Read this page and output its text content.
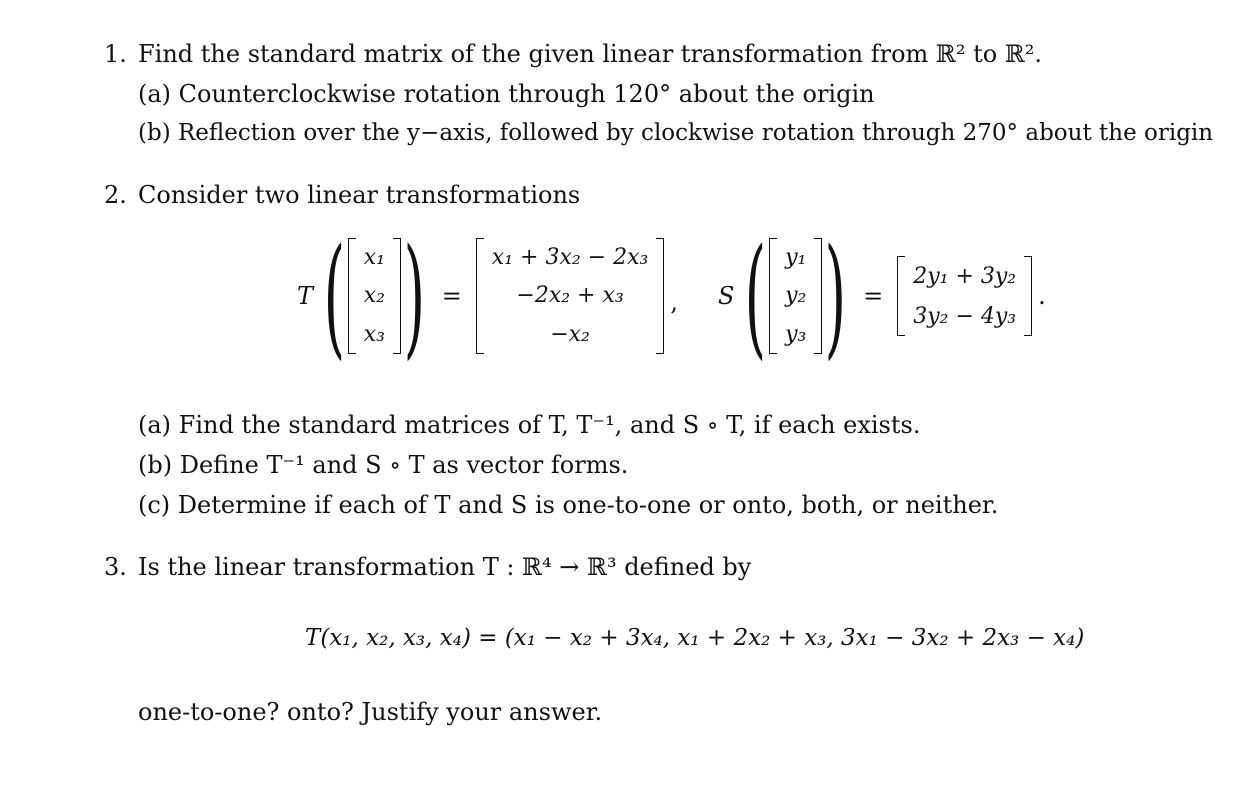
1. Find the standard matrix of the given linear transformation from ℝ² to ℝ².
(a) Counterclockwise rotation through 120° about the origin
(b) Reflection over the y−axis, followed by clockwise rotation through 270° about the origin
2. Consider two linear transformations
T ( x₁
x₂
x₃ ) =
x₁ + 3x₂ − 2x₃
−2x₂ + x₃
−x₂
, S ( y₁
y₂
y₃ ) =
2y₁ + 3y₂
3y₂ − 4y₃
.
(a) Find the standard matrices of T, T⁻¹, and S ∘ T, if each exists.
(b) Define T⁻¹ and S ∘ T as vector forms.
(c) Determine if each of T and S is one-to-one or onto, both, or neither.
3. Is the linear transformation T : ℝ⁴ → ℝ³ defined by
T(x₁, x₂, x₃, x₄) = (x₁ − x₂ + 3x₄, x₁ + 2x₂ + x₃, 3x₁ − 3x₂ + 2x₃ − x₄)
one-to-one? onto? Justify your answer.
